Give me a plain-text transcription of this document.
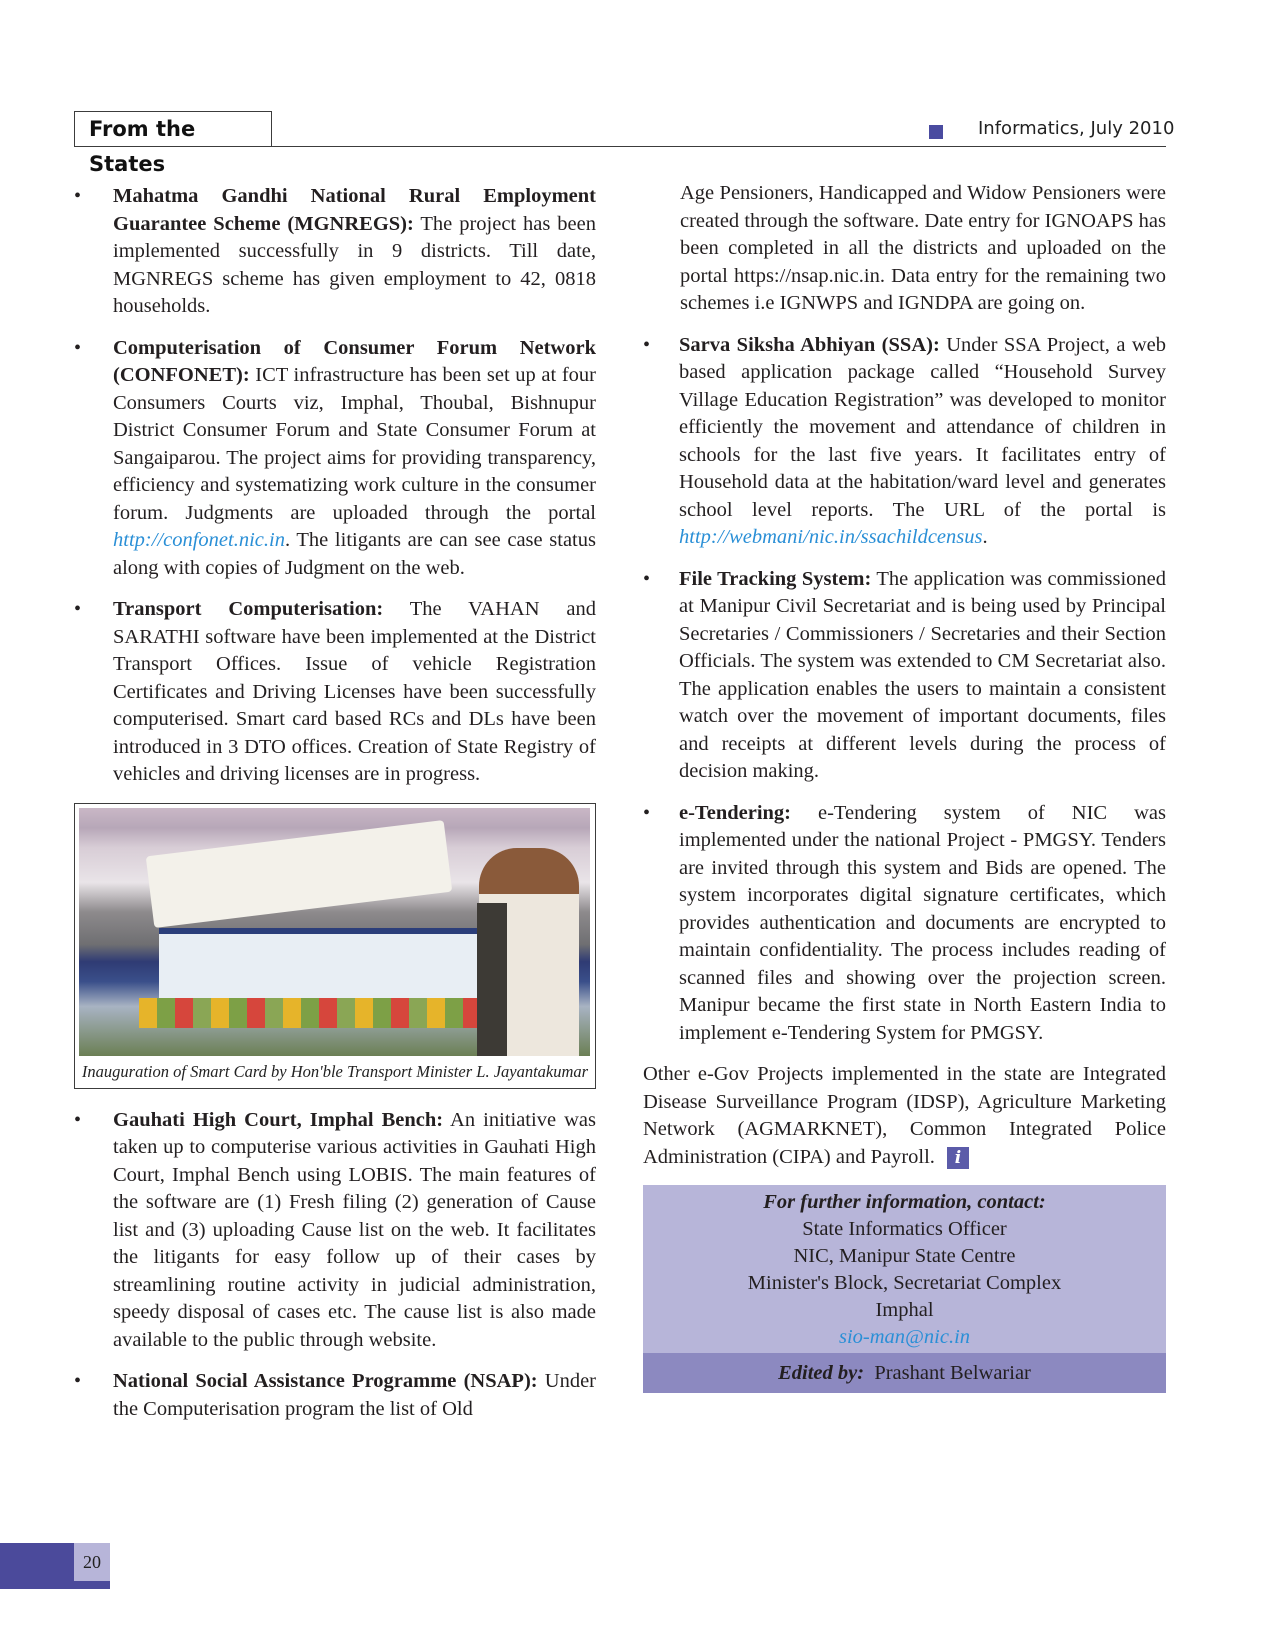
From the States
Informatics, July 2010
• Mahatma Gandhi National Rural Employment Guarantee Scheme (MGNREGS): The project has been implemented successfully in 9 districts. Till date, MGNREGS scheme has given employment to 42, 0818 households.
• Computerisation of Consumer Forum Network (CONFONET): ICT infrastructure has been set up at four Consumers Courts viz, Imphal, Thoubal, Bishnupur District Consumer Forum and State Consumer Forum at Sangaiparou. The project aims for providing transparency, efficiency and systematizing work culture in the consumer forum. Judgments are uploaded through the portal http://confonet.nic.in. The litigants are can see case status along with copies of Judgment on the web.
• Transport Computerisation: The VAHAN and SARATHI software have been implemented at the District Transport Offices. Issue of vehicle Registration Certificates and Driving Licenses have been successfully computerised. Smart card based RCs and DLs have been introduced in 3 DTO offices. Creation of State Registry of vehicles and driving licenses are in progress.
Inauguration of Smart Card by Hon'ble Transport Minister L. Jayantakumar
• Gauhati High Court, Imphal Bench: An initiative was taken up to computerise various activities in Gauhati High Court, Imphal Bench using LOBIS. The main features of the software are (1) Fresh filing (2) generation of Cause list and (3) uploading Cause list on the web. It facilitates the litigants for easy follow up of their cases by streamlining routine activity in judicial administration, speedy disposal of cases etc. The cause list is also made available to the public through website.
• National Social Assistance Programme (NSAP): Under the Computerisation program the list of Old

Age Pensioners, Handicapped and Widow Pensioners were created through the software. Date entry for IGNOAPS has been completed in all the districts and uploaded on the portal https://nsap.nic.in. Data entry for the remaining two schemes i.e IGNWPS and IGNDPA are going on.

• Sarva Siksha Abhiyan (SSA): Under SSA Project, a web based application package called “Household Survey Village Education Registration” was developed to monitor efficiently the movement and attendance of children in schools for the last five years. It facilitates entry of Household data at the habitation/ward level and generates school level reports. The URL of the portal is http://webmani/nic.in/ssachildcensus.
• File Tracking System: The application was commissioned at Manipur Civil Secretariat and is being used by Principal Secretaries / Commissioners / Secretaries and their Section Officials. The system was extended to CM Secretariat also. The application enables the users to maintain a consistent watch over the movement of important documents, files and receipts at different levels during the process of decision making.
• e-Tendering: e-Tendering system of NIC was implemented under the national Project - PMGSY. Tenders are invited through this system and Bids are opened. The system incorporates digital signature certificates, which provides authentication and documents are encrypted to maintain confidentiality. The process includes reading of scanned files and showing over the projection screen. Manipur became the first state in North Eastern India to implement e-Tendering System for PMGSY.

Other e-Gov Projects implemented in the state are Integrated Disease Surveillance Program (IDSP), Agriculture Marketing Network (AGMARKNET), Common Integrated Police Administration (CIPA) and Payroll. i

For further information, contact:
State Informatics Officer
NIC, Manipur State Centre
Minister's Block, Secretariat Complex
Imphal
sio-man@nic.in
Edited by: Prashant Belwariar
20
